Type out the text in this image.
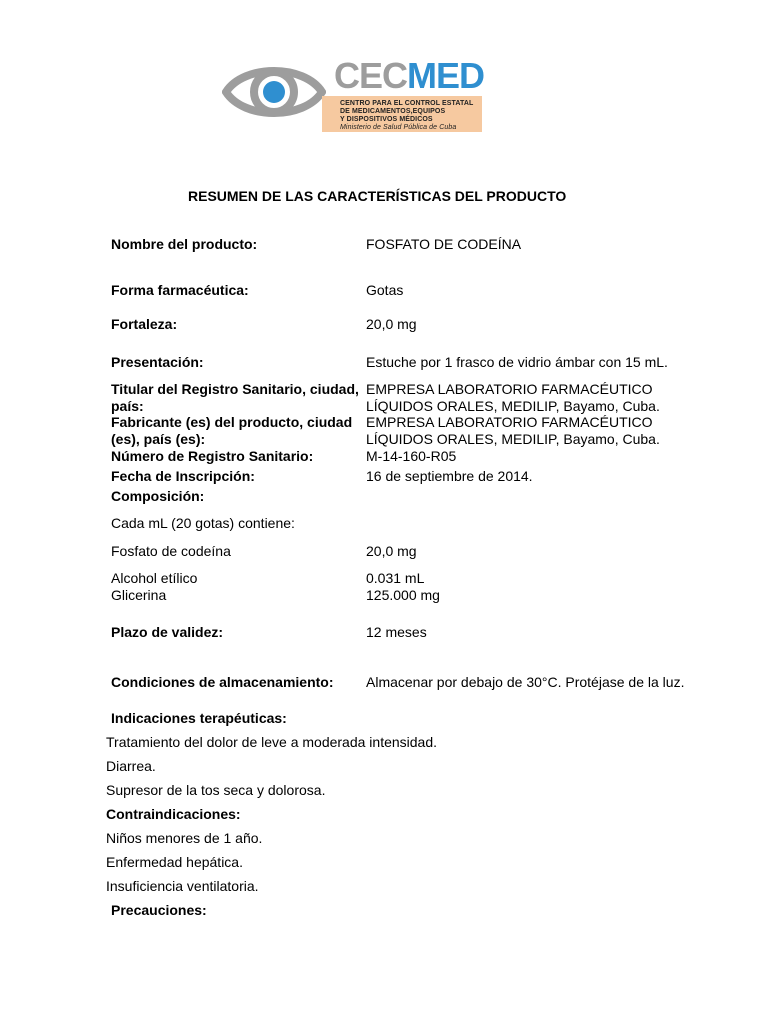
CECMED
CENTRO PARA EL CONTROL ESTATAL
DE MEDICAMENTOS,EQUIPOS
Y DISPOSITIVOS MÉDICOS
Ministerio de Salud Pública de Cuba
RESUMEN DE LAS CARACTERÍSTICAS DEL PRODUCTO
Nombre del producto:	FOSFATO DE CODEÍNA
Forma farmacéutica:	Gotas
Fortaleza:	20,0 mg
Presentación:	Estuche por 1 frasco de vidrio ámbar con 15 mL.
Titular del Registro Sanitario, ciudad,
país:
EMPRESA LABORATORIO FARMACÉUTICO
LÍQUIDOS ORALES, MEDILIP, Bayamo, Cuba.
Fabricante (es) del producto, ciudad
(es), país (es):
EMPRESA LABORATORIO FARMACÉUTICO
LÍQUIDOS ORALES, MEDILIP, Bayamo, Cuba.
Número de Registro Sanitario:	M-14-160-R05
Fecha de Inscripción:	16 de septiembre de 2014.
Composición:
Cada mL (20 gotas) contiene:
Fosfato de codeína	20,0 mg
Alcohol etílico	0.031 mL
Glicerina	125.000 mg
Plazo de validez:	12 meses
Condiciones de almacenamiento: Almacenar por debajo de 30°C. Protéjase de la luz.
Indicaciones terapéuticas:
Tratamiento del dolor de leve a moderada intensidad.
Diarrea.
Supresor de la tos seca y dolorosa.
Contraindicaciones:
Niños menores de 1 año.
Enfermedad hepática.
Insuficiencia ventilatoria.
Precauciones:
